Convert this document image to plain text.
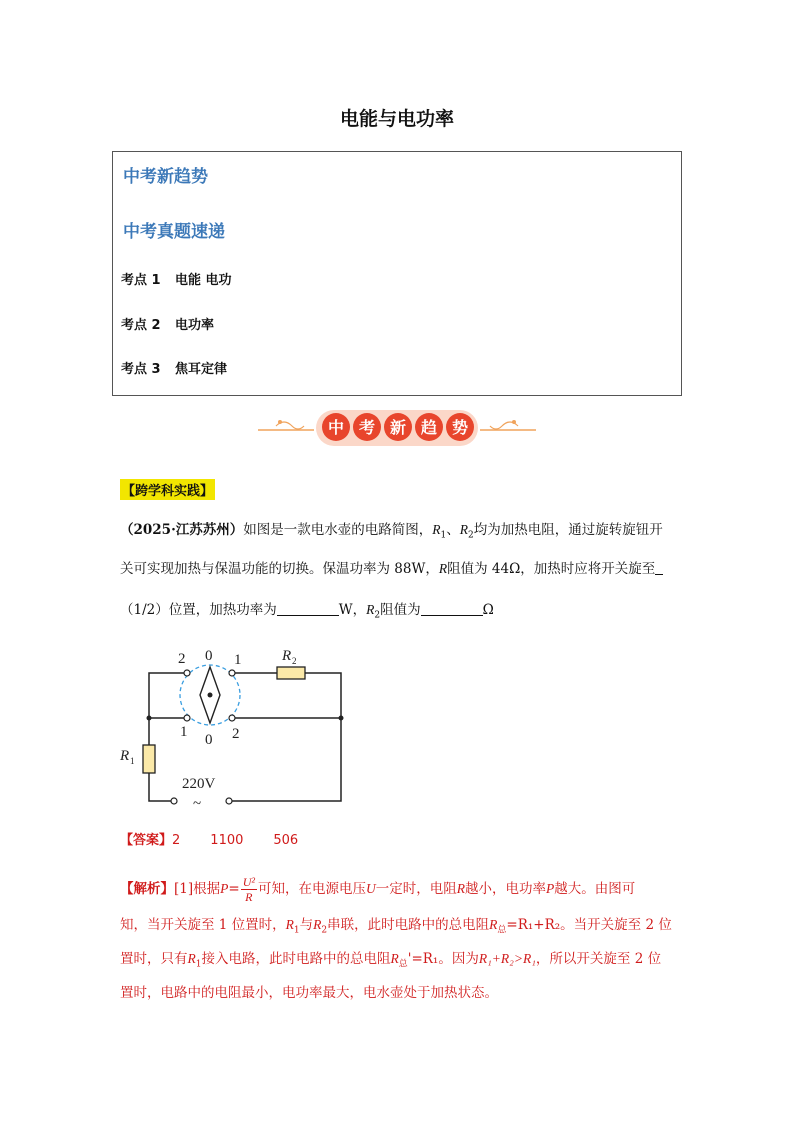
电能与电功率
中考新趋势
中考真题速递
考点 1 电能 电功
考点 2 电功率
考点 3 焦耳定律
中 考 新 趋 势
【跨学科实践】
（2025·江苏苏州）如图是一款电水壶的电路简图，$R_1$、$R_2$均为加热电阻，通过旋转旋钮开
关可实现加热与保温功能的切换。保温功率为 88W，R阻值为 44Ω，加热时应将开关旋至
（1/2）位置，加热功率为	W，$R_2$阻值为	Ω
2 0 1
1 0 2
R 2
R 1
220V
~
【答案】2 1100 506
【解析】[1]根据$P= \frac{\text{U²}}{R}$ 可知，在电源电压U一定时，电阻R越小，电功率P越大。由图可
知，当开关旋至 1 位置时，$R_1$与$R_2$串联，此时电路中的总电阻$R_总=R_1+R_2$。当开关旋至 2 位
置时，只有$R_1$接入电路，此时电路中的总电阻$R_总'=R_1$。因为R₁+R₂>R₁，所以开关旋至 2 位
置时，电路中的电阻最小，电功率最大，电水壶处于加热状态。
